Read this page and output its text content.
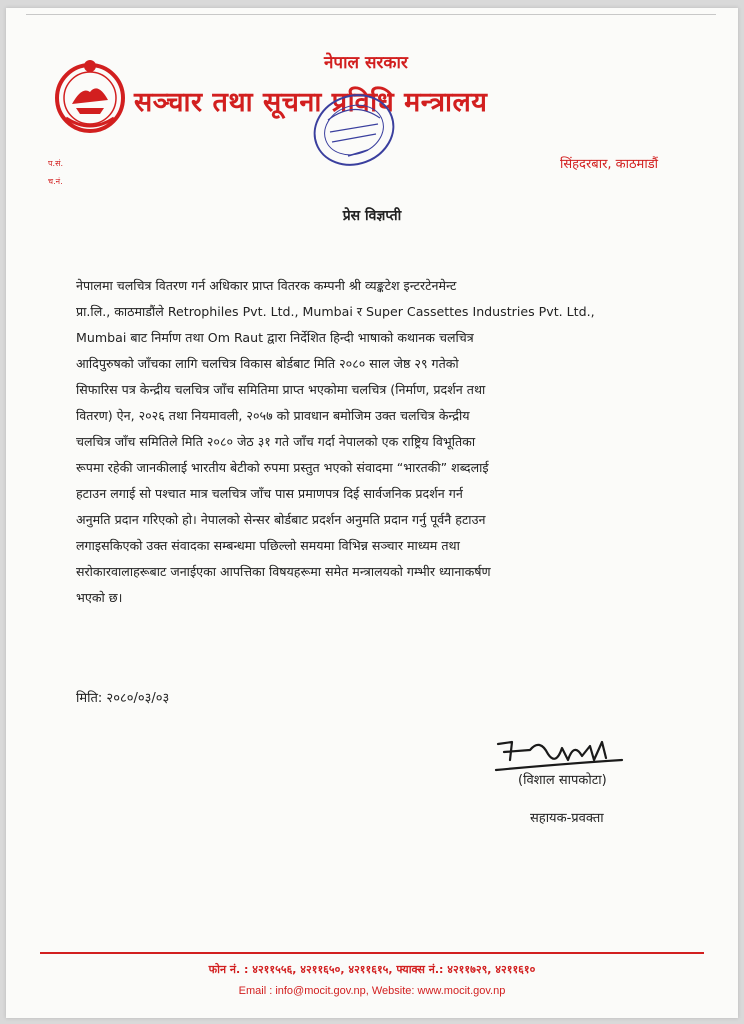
नेपाल सरकार
सञ्चार तथा सूचना प्रविधि मन्त्रालय
प.सं.
च.नं.
सिंहदरबार, काठमाडौं
प्रेस विज्ञप्ती
नेपालमा चलचित्र वितरण गर्न अधिकार प्राप्त वितरक कम्पनी श्री व्यङ्कटेश इन्टरटेनमेन्ट
प्रा.लि., काठमाडौंले Retrophiles Pvt. Ltd., Mumbai र Super Cassettes Industries Pvt. Ltd.,
Mumbai बाट निर्माण तथा Om Raut द्वारा निर्देशित हिन्दी भाषाको कथानक चलचित्र
आदिपुरुषको जाँचका लागि चलचित्र विकास बोर्डबाट मिति २०८० साल जेष्ठ २९ गतेको
सिफारिस पत्र केन्द्रीय चलचित्र जाँच समितिमा प्राप्त भएकोमा चलचित्र (निर्माण, प्रदर्शन तथा
वितरण) ऐन, २०२६ तथा नियमावली, २०५७ को प्रावधान बमोजिम उक्त चलचित्र केन्द्रीय
चलचित्र जाँच समितिले मिति २०८० जेठ ३१ गते जाँच गर्दा नेपालको एक राष्ट्रिय विभूतिका
रूपमा रहेकी जानकीलाई भारतीय बेटीको रुपमा प्रस्तुत भएको संवादमा “भारतकी” शब्दलाई
हटाउन लगाई सो पश्चात मात्र चलचित्र जाँच पास प्रमाणपत्र दिई सार्वजनिक प्रदर्शन गर्न
अनुमति प्रदान गरिएको हो। नेपालको सेन्सर बोर्डबाट प्रदर्शन अनुमति प्रदान गर्नु पूर्वनै हटाउन
लगाइसकिएको उक्त संवादका सम्बन्धमा पछिल्लो समयमा विभिन्न सञ्चार माध्यम तथा
सरोकारवालाहरूबाट जनाईएका आपत्तिका विषयहरूमा समेत मन्त्रालयको गम्भीर ध्यानाकर्षण
भएको छ।
मिति: २०८०/०३/०३
(विशाल सापकोटा)
सहायक-प्रवक्ता
फोन नं. : ४२११५५६, ४२११६५०, ४२११६१५, फ्याक्स नं.: ४२११७२९, ४२११६१०
Email : info@mocit.gov.np, Website: www.mocit.gov.np
